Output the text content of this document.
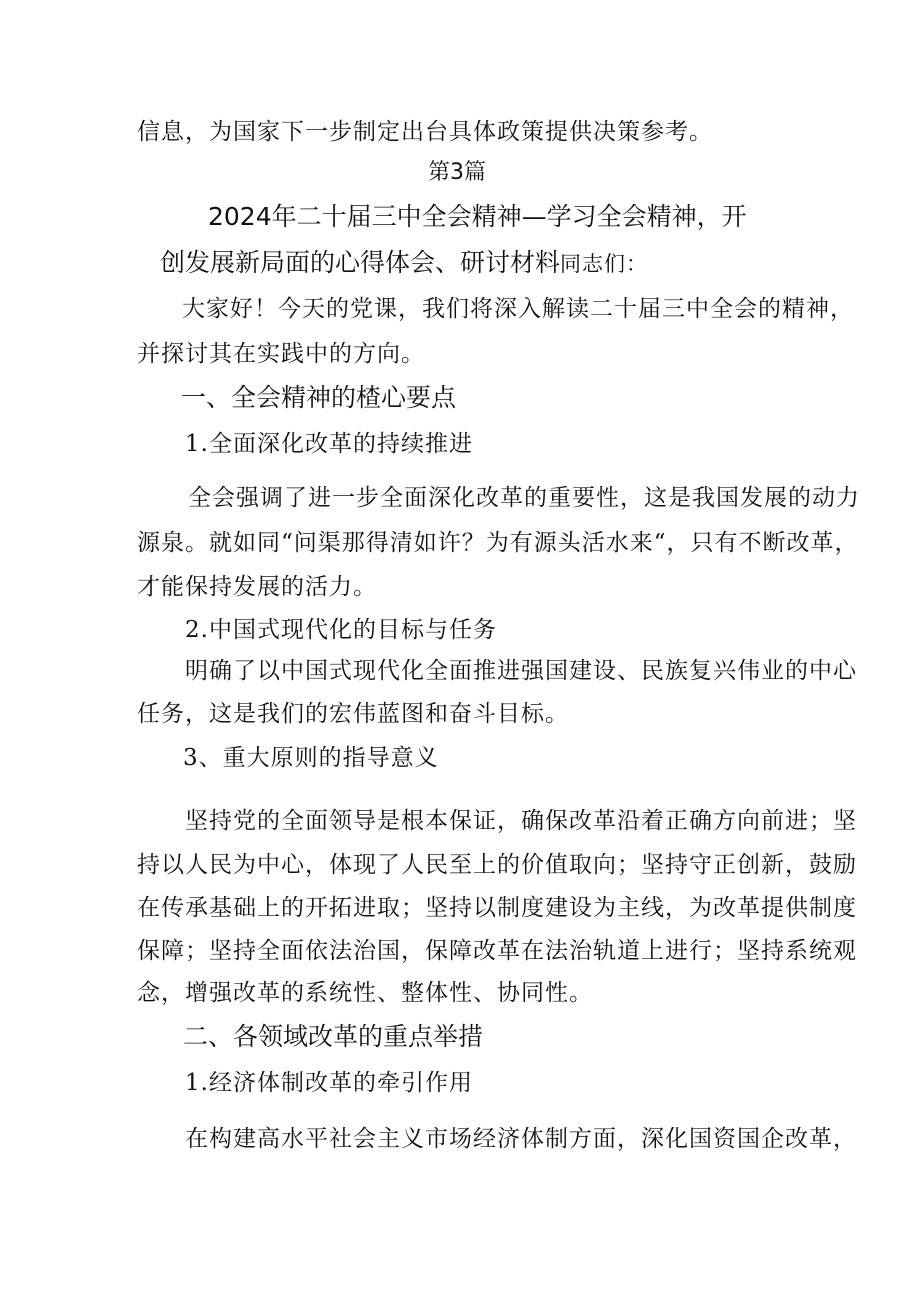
信息，为国家下一步制定出台具体政策提供决策参考。
第3篇
2024年二十届三中全会精神—学习全会精神，开
创发展新局面的心得体会、研讨材料同志们：
大家好！今天的党课，我们将深入解读二十届三中全会的精神，
并探讨其在实践中的方向。
一、全会精神的楂心要点
1.全面深化改革的持续推进
全会强调了进一步全面深化改革的重要性，这是我国发展的动力
源泉。就如同“问渠那得清如许？为有源头活水来“，只有不断改革，
才能保持发展的活力。
2.中国式现代化的目标与任务
明确了以中国式现代化全面推进强国建设、民族复兴伟业的中心
任务，这是我们的宏伟蓝图和奋斗目标。
3、重大原则的指导意义
坚持党的全面领导是根本保证，确保改革沿着正确方向前进；坚
持以人民为中心，体现了人民至上的价值取向；坚持守正创新，鼓励
在传承基础上的开拓进取；坚持以制度建设为主线，为改革提供制度
保障；坚持全面依法治国，保障改革在法治轨道上进行；坚持系统观
念，增强改革的系统性、整体性、协同性。
二、各领域改革的重点举措
1.经济体制改革的牵引作用
在构建高水平社会主义市场经济体制方面，深化国资国企改革，
